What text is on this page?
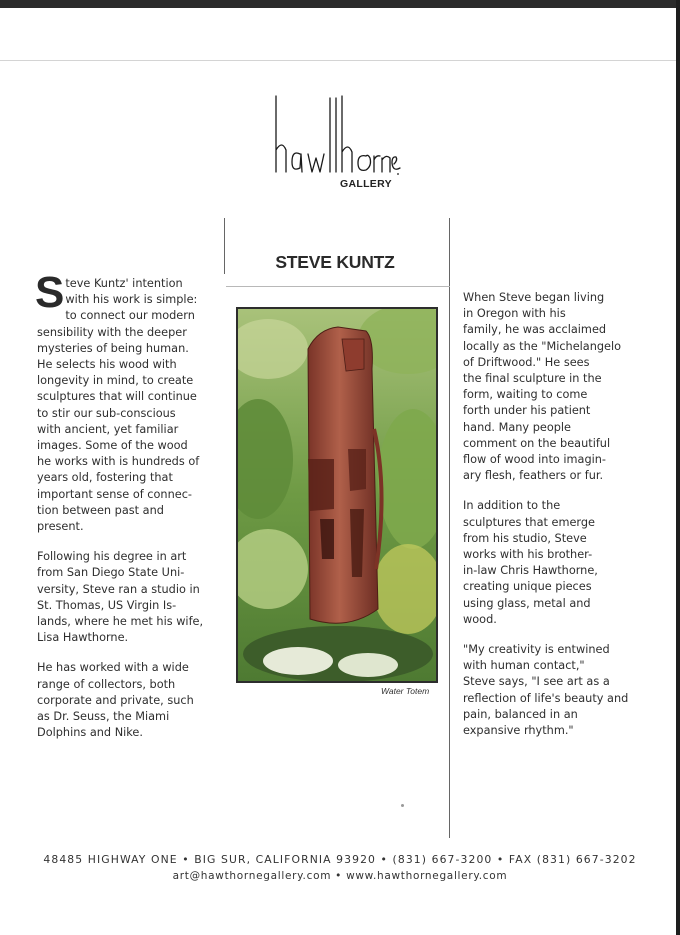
GALLERY
STEVE KUNTZ

S teve Kuntz' intention
with his work is simple:
to connect our modern
sensibility with the deeper
mysteries of being human.
He selects his wood with
longevity in mind, to create
sculptures that will continue
to stir our sub-conscious
with ancient, yet familiar
images. Some of the wood
he works with is hundreds of
years old, fostering that
important sense of connec-
tion between past and
present.

Following his degree in art
from San Diego State Uni-
versity, Steve ran a studio in
St. Thomas, US Virgin Is-
lands, where he met his wife,
Lisa Hawthorne.

He has worked with a wide
range of collectors, both
corporate and private, such
as Dr. Seuss, the Miami
Dolphins and Nike.

Water Totem

When Steve began living
in Oregon with his
family, he was acclaimed
locally as the "Michelangelo
of Driftwood." He sees
the final sculpture in the
form, waiting to come
forth under his patient
hand. Many people
comment on the beautiful
flow of wood into imagin-
ary flesh, feathers or fur.

In addition to the
sculptures that emerge
from his studio, Steve
works with his brother-
in-law Chris Hawthorne,
creating unique pieces
using glass, metal and
wood.

"My creativity is entwined
with human contact,"
Steve says, "I see art as a
reflection of life's beauty and
pain, balanced in an
expansive rhythm."

48485 HIGHWAY ONE • BIG SUR, CALIFORNIA 93920 • (831) 667-3200 • FAX (831) 667-3202
art@hawthornegallery.com • www.hawthornegallery.com
